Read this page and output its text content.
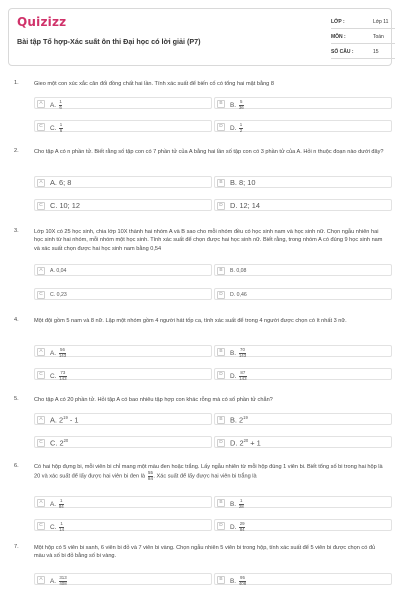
Quizizz
Bài tập Tổ hợp-Xác suất ôn thi Đại học có lời giải (P7)
LỚP :	Lớp 11
MÔN :	Toán
SỐ CÂU :	15
1.	Gieo một con xúc xắc cân đối đồng chất hai lần. Tính xác suất để biến cố có tổng hai mặt bằng 8
A	A. $\frac{1}{6}$	B	B. $\frac{5}{36}$
C	C. $\frac{1}{6}$	D	D. $\frac{1}{2}$
2.	Cho tập A có n phần tử. Biết rằng số tập con có 7 phần tử của A bằng hai lần số tập con có 3 phần tử của A. Hỏi n thuộc đoạn nào dưới đây?
A	A. 6; 8	B	B. 8; 10
C C. 10; 12	D D. 12; 14
3.	Lớp 10X có 25 học sinh, chia lớp 10X thành hai nhóm A và B sao cho mỗi nhóm đều có học sinh nam và học sinh nữ. Chọn ngẫu nhiên hai học sinh từ hai nhóm, mỗi nhóm một học sinh. Tính xác suất để chọn được hai học sinh nữ. Biết rằng, trong nhóm A có đúng 9 học sinh nam và xác suất chọn được hai học sinh nam bằng 0,54
A	A. 0,04	B	B. 0,08
C	C. 0,23	D	D. 0,46
4.	Một đội gồm 5 nam và 8 nữ. Lập một nhóm gồm 4 người hát tốp ca, tính xác suất để trong 4 người được chọn có ít nhất 3 nữ.
A	A. $\frac{56}{143}$	B	B. $\frac{70}{143}$
C	C. $\frac{73}{143}$	D	D. $\frac{87}{143}$
5.	Cho tập A có 20 phần tử. Hỏi tập A có bao nhiêu tập hợp con khác rỗng mà có số phần tử chẵn?
A	A. $2^{19} - 1$	B	B. $2^{19}$
C C. $2^{20}$	D D. $2^{20} + 1$
6.	Có hai hộp đựng bi, mỗi viên bi chỉ mang một màu đen hoặc trắng. Lấy ngẫu nhiên từ mỗi hộp đúng 1 viên bi. Biết tổng số bi trong hai hộp là 20 và xác suất để lấy được hai viên bi đen là $\frac{55}{84}$ . Xác suất để lấy được hai viên bi trắng là
A	A. $\frac{1}{84}$	B	B. $\frac{1}{28}$
C	C. $\frac{1}{14}$	D	D. $\frac{29}{84}$
7.	Một hộp có 5 viên bi xanh, 6 viên bi đỏ và 7 viên bi vàng. Chọn ngẫu nhiên 5 viên bi trong hộp, tính xác suất để 5 viên bi được chọn có đủ màu và số bi đỏ bằng số bi vàng.
A	A. $\frac{313}{408}$	B	B. $\frac{95}{408}$
